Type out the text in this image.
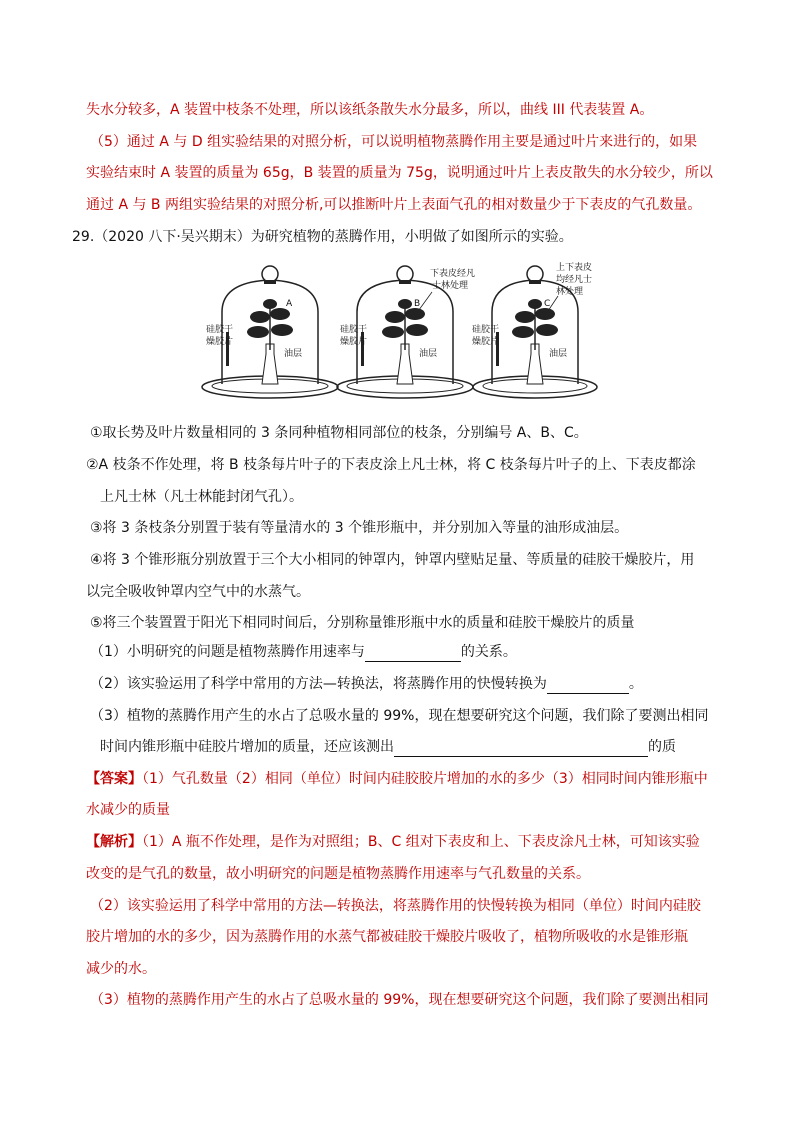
失水分较多，A 装置中枝条不处理，所以该纸条散失水分最多，所以，曲线 III 代表装置 A。
（5）通过 A 与 D 组实验结果的对照分析，可以说明植物蒸腾作用主要是通过叶片来进行的，如果
实验结束时 A 装置的质量为 65g，B 装置的质量为 75g，说明通过叶片上表皮散失的水分较少，所以
通过 A 与 B 两组实验结果的对照分析,可以推断叶片上表面气孔的相对数量少于下表皮的气孔数量。
29.（2020 八下·吴兴期末）为研究植物的蒸腾作用，小明做了如图所示的实验。
A
硅胶干
燥胶片
油层
B
下表皮经凡
士林处理
硅胶干
燥胶片
油层
C
上下表皮
均经凡士
林处理
硅胶干
燥胶片
油层
①取长势及叶片数量相同的 3 条同种植物相同部位的枝条，分别编号 A、B、C。
②A 枝条不作处理，将 B 枝条每片叶子的下表皮涂上凡士林，将 C 枝条每片叶子的上、下表皮都涂
上凡士林（凡士林能封闭气孔）。
③将 3 条枝条分别置于装有等量清水的 3 个锥形瓶中，并分别加入等量的油形成油层。
④将 3 个锥形瓶分别放置于三个大小相同的钟罩内，钟罩内壁贴足量、等质量的硅胶干燥胶片，用
以完全吸收钟罩内空气中的水蒸气。
⑤将三个装置置于阳光下相同时间后，分别称量锥形瓶中水的质量和硅胶干燥胶片的质量
（1）小明研究的问题是植物蒸腾作用速率与	的关系。
（2）该实验运用了科学中常用的方法—转换法，将蒸腾作用的快慢转换为	。
（3）植物的蒸腾作用产生的水占了总吸水量的 99%，现在想要研究这个问题，我们除了要测出相同
时间内锥形瓶中硅胶片增加的质量，还应该测出	的质
【答案】（1）气孔数量（2）相同（单位）时间内硅胶胶片增加的水的多少（3）相同时间内锥形瓶中
水减少的质量
【解析】（1）A 瓶不作处理，是作为对照组；B、C 组对下表皮和上、下表皮涂凡士林，可知该实验
改变的是气孔的数量，故小明研究的问题是植物蒸腾作用速率与气孔数量的关系。
（2）该实验运用了科学中常用的方法—转换法，将蒸腾作用的快慢转换为相同（单位）时间内硅胶
胶片增加的水的多少，因为蒸腾作用的水蒸气都被硅胶干燥胶片吸收了，植物所吸收的水是锥形瓶
减少的水。
（3）植物的蒸腾作用产生的水占了总吸水量的 99%，现在想要研究这个问题，我们除了要测出相同
